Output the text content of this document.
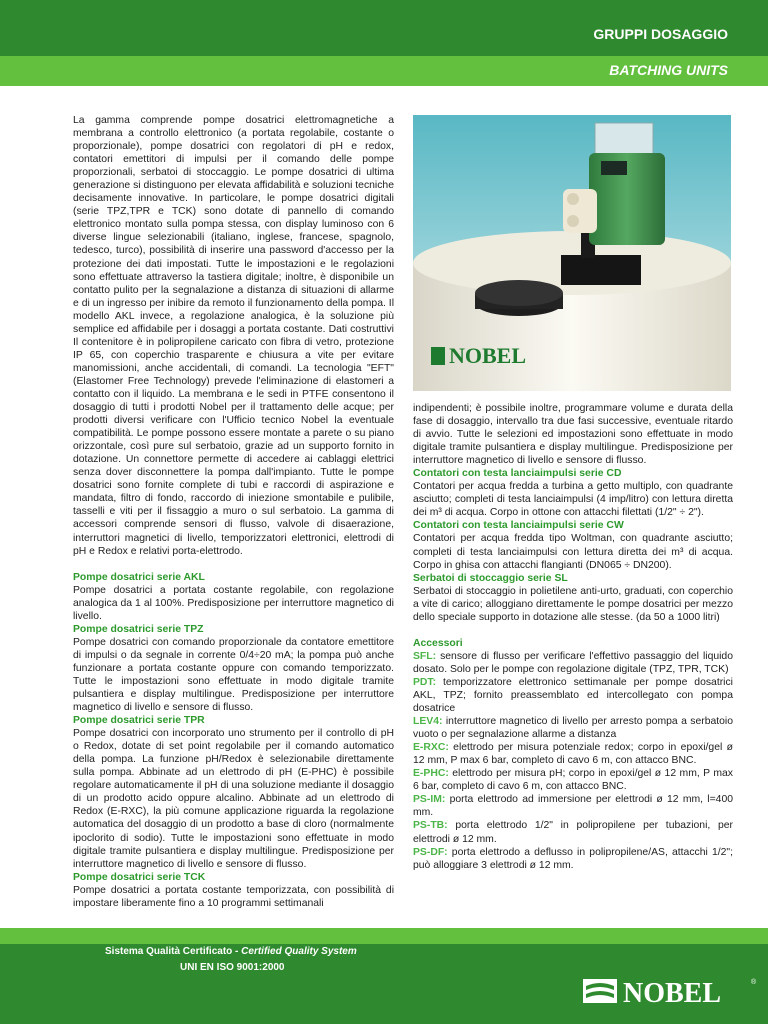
GRUPPI DOSAGGIO
BATCHING UNITS

La gamma comprende pompe dosatrici elettromagnetiche a membrana a controllo elettronico (a portata regolabile, costante o proporzionale), pompe dosatrici con regolatori di pH e redox, contatori emettitori di impulsi per il comando delle pompe proporzionali, serbatoi di stoccaggio. Le pompe dosatrici di ultima generazione si distinguono per elevata affidabilità e soluzioni tecniche decisamente innovative. In particolare, le pompe dosatrici digitali (serie TPZ,TPR e TCK) sono dotate di pannello di comando elettronico montato sulla pompa stessa, con display luminoso con 6 diverse lingue selezionabili (italiano, inglese, francese, spagnolo, tedesco, turco), possibilità di inserire una password d'accesso per la protezione dei dati impostati. Tutte le impostazioni e le regolazioni sono effettuate attraverso la tastiera digitale; inoltre, è disponibile un contatto pulito per la segnalazione a distanza di situazioni di allarme e di un ingresso per inibire da remoto il funzionamento della pompa. Il modello AKL invece, a regolazione analogica, è la soluzione più semplice ed affidabile per i dosaggi a portata costante. Dati costruttivi Il contenitore è in polipropilene caricato con fibra di vetro, protezione IP 65, con coperchio trasparente e chiusura a vite per evitare manomissioni, anche accidentali, di comandi. La tecnologia "EFT" (Elastomer Free Technology) prevede l'eliminazione di elastomeri a contatto con il liquido. La membrana e le sedi in PTFE consentono il dosaggio di tutti i prodotti Nobel per il trattamento delle acque; per prodotti diversi verificare con l'Ufficio tecnico Nobel la eventuale compatibilità. Le pompe possono essere montate a parete o su piano orizzontale, così pure sul serbatoio, grazie ad un supporto fornito in dotazione. Un connettore permette di accedere ai cablaggi elettrici senza dover disconnettere la pompa dall'impianto. Tutte le pompe dosatrici sono fornite complete di tubi e raccordi di aspirazione e mandata, filtro di fondo, raccordo di iniezione smontabile e pulibile, tasselli e viti per il fissaggio a muro o sul serbatoio. La gamma di accessori comprende sensori di flusso, valvole di disaerazione, interruttori magnetici di livello, temporizzatori elettronici, elettrodi di pH e Redox e relativi porta-elettrodo.

Pompe dosatrici serie AKL

Pompe dosatrici a portata costante regolabile, con regolazione analogica da 1 al 100%. Predisposizione per interruttore magnetico di livello.

Pompe dosatrici serie TPZ

Pompe dosatrici con comando proporzionale da contatore emettitore di impulsi o da segnale in corrente 0/4÷20 mA; la pompa può anche funzionare a portata costante oppure con comando temporizzato. Tutte le impostazioni sono effettuate in modo digitale tramite pulsantiera e display multilingue. Predisposizione per interruttore magnetico di livello e sensore di flusso.

Pompe dosatrici serie TPR

Pompe dosatrici con incorporato uno strumento per il controllo di pH o Redox, dotate di set point regolabile per il comando automatico della pompa. La funzione pH/Redox è selezionabile direttamente sulla pompa. Abbinate ad un elettrodo di pH (E-PHC) è possibile regolare automaticamente il pH di una soluzione mediante il dosaggio di un prodotto acido oppure alcalino. Abbinate ad un elettrodo di Redox (E-RXC), la più comune applicazione riguarda la regolazione automatica del dosaggio di un prodotto a base di cloro (normalmente ipoclorito di sodio). Tutte le impostazioni sono effettuate in modo digitale tramite pulsantiera e display multilingue. Predisposizione per interruttore magnetico di livello e sensore di flusso.

Pompe dosatrici serie TCK

Pompe dosatrici a portata costante temporizzata, con possibilità di impostare liberamente fino a 10 programmi settimanali

NOBEL

indipendenti; è possibile inoltre, programmare volume e durata della fase di dosaggio, intervallo tra due fasi successive, eventuale ritardo di avvio. Tutte le selezioni ed impostazioni sono effettuate in modo digitale tramite pulsantiera e display multilingue. Predisposizione per interruttore magnetico di livello e sensore di flusso.

Contatori con testa lanciaimpulsi serie CD

Contatori per acqua fredda a turbina a getto multiplo, con quadrante asciutto; completi di testa lanciaimpulsi (4 imp/litro) con lettura diretta dei m³ di acqua. Corpo in ottone con attacchi filettati (1/2" ÷ 2").

Contatori con testa lanciaimpulsi serie CW

Contatori per acqua fredda tipo Woltman, con quadrante asciutto; completi di testa lanciaimpulsi con lettura diretta dei m³ di acqua. Corpo in ghisa con attacchi flangianti (DN065 ÷ DN200).

Serbatoi di stoccaggio serie SL

Serbatoi di stoccaggio in polietilene anti-urto, graduati, con coperchio a vite di carico; alloggiano direttamente le pompe dosatrici per mezzo dello speciale supporto in dotazione alle stesse. (da 50 a 1000 litri)

Accessori

SFL: sensore di flusso per verificare l'effettivo passaggio del liquido dosato. Solo per le pompe con regolazione digitale (TPZ, TPR, TCK)

PDT: temporizzatore elettronico settimanale per pompe dosatrici AKL, TPZ; fornito preassemblato ed intercollegato con pompa dosatrice

LEV4: interruttore magnetico di livello per arresto pompa a serbatoio vuoto o per segnalazione allarme a distanza

E-RXC: elettrodo per misura potenziale redox; corpo in epoxi/gel ø 12 mm, P max 6 bar, completo di cavo 6 m, con attacco BNC.

E-PHC: elettrodo per misura pH; corpo in epoxi/gel ø 12 mm, P max 6 bar, completo di cavo 6 m, con attacco BNC.

PS-IM: porta elettrodo ad immersione per elettrodi ø 12 mm, l=400 mm.

PS-TB: porta elettrodo 1/2" in polipropilene per tubazioni, per elettrodi ø 12 mm.

PS-DF: porta elettrodo a deflusso in polipropilene/AS, attacchi 1/2"; può alloggiare 3 elettrodi ø 12 mm.

Sistema Qualità Certificato - Certified Quality System
UNI EN ISO 9001:2000
NOBEL	®
